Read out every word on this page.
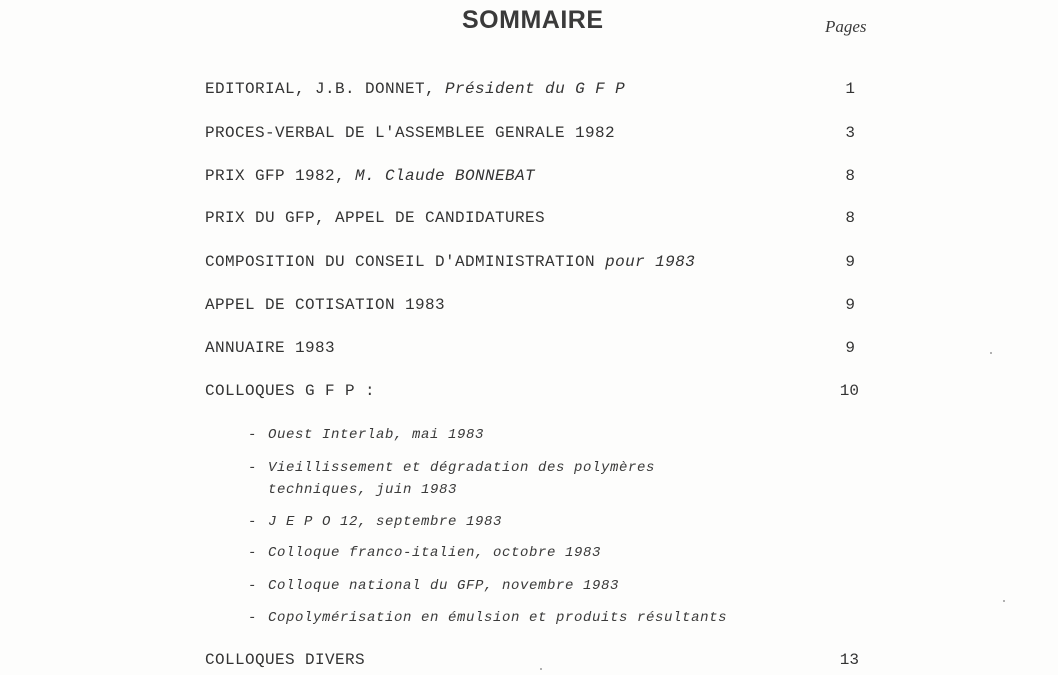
SOMMAIRE	Pages
EDITORIAL, J.B. DONNET, Président du G F P	1
PROCES-VERBAL DE L'ASSEMBLEE GENRALE 1982	3
PRIX GFP 1982, M. Claude BONNEBAT	8
PRIX DU GFP, APPEL DE CANDIDATURES	8
COMPOSITION DU CONSEIL D'ADMINISTRATION pour 1983	9
APPEL DE COTISATION 1983	9
ANNUAIRE 1983	9
COLLOQUES G F P :	10
- Ouest Interlab, mai 1983
- Vieillissement et dégradation des polymères
techniques, juin 1983
- J E P O 12, septembre 1983
- Colloque franco-italien, octobre 1983
- Colloque national du GFP, novembre 1983
- Copolymérisation en émulsion et produits résultants
COLLOQUES DIVERS	13
